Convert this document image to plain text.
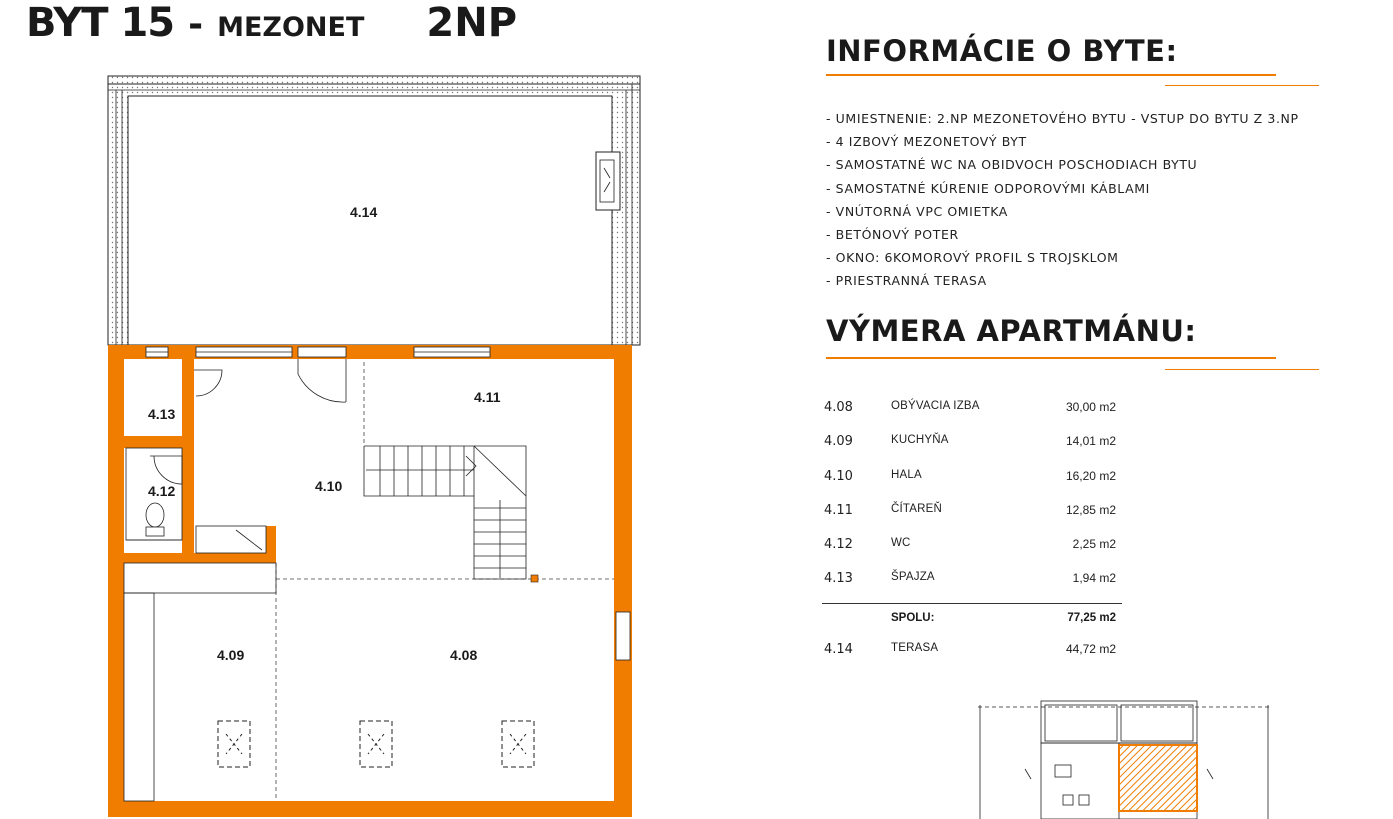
BYT 15 - MEZONET 2NP
4.14
4.11
4.13
4.12	4.10
4.09	4.08
INFORMÁCIE O BYTE:
- UMIESTNENIE: 2.NP MEZONETOVÉHO BYTU - VSTUP DO BYTU Z 3.NP
- 4 IZBOVÝ MEZONETOVÝ BYT
- SAMOSTATNÉ WC NA OBIDVOCH POSCHODIACH BYTU
- SAMOSTATNÉ KÚRENIE ODPOROVÝMI KÁBLAMI
- VNÚTORNÁ VPC OMIETKA
- BETÓNOVÝ POTER
- OKNO: 6KOMOROVÝ PROFIL S TROJSKLOM
- PRIESTRANNÁ TERASA
VÝMERA APARTMÁNU:
4.08	OBÝVACIA IZBA	30,00 m2
4.09	KUCHYŇA	14,01 m2
4.10	HALA	16,20 m2
4.11	ČÍTAREŇ	12,85 m2
4.12	WC	2,25 m2
4.13	ŠPAJZA	1,94 m2
SPOLU:	77,25 m2
4.14	TERASA	44,72 m2
